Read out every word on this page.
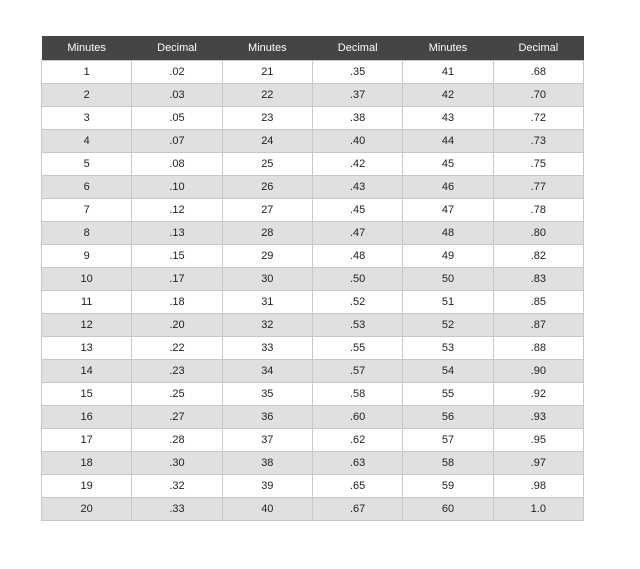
Minutes	Decimal	Minutes	Decimal	Minutes	Decimal
1	.02	21	.35	41	.68
2	.03	22	.37	42	.70
3	.05	23	.38	43	.72
4	.07	24	.40	44	.73
5	.08	25	.42	45	.75
6	.10	26	.43	46	.77
7	.12	27	.45	47	.78
8	.13	28	.47	48	.80
9	.15	29	.48	49	.82
10	.17	30	.50	50	.83
11	.18	31	.52	51	.85
12	.20	32	.53	52	.87
13	.22	33	.55	53	.88
14	.23	34	.57	54	.90
15	.25	35	.58	55	.92
16	.27	36	.60	56	.93
17	.28	37	.62	57	.95
18	.30	38	.63	58	.97
19	.32	39	.65	59	.98
20	.33	40	.67	60	1.0
